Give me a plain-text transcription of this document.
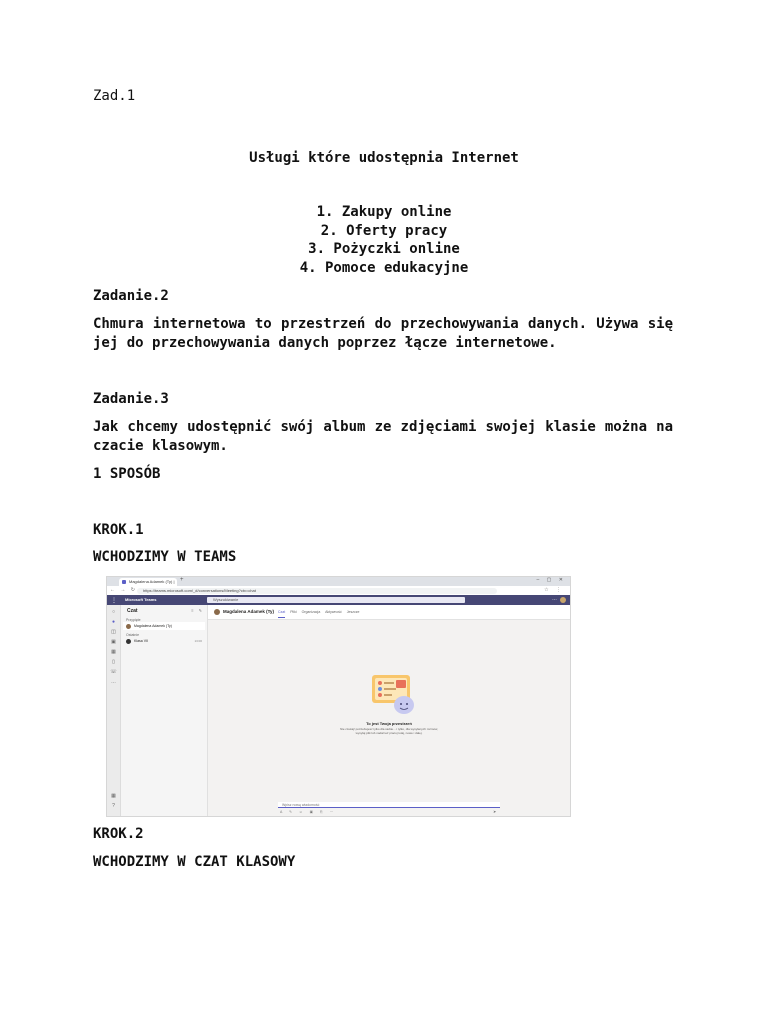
Zad.1
Usługi które udostępnia Internet
1. Zakupy online
2. Oferty pracy
3. Pożyczki online
4. Pomoce edukacyjne
Zadanie.2
Chmura internetowa to przestrzeń do przechowywania danych. Używa się jej do przechowywania danych poprzez łącze internetowe.
Zadanie.3
Jak chcemy udostępnić swój album ze zdjęciami swojej klasie można na czacie klasowym.
1 SPOSÓB
KROK.1
WCHODZIMY W TEAMS
Magdalena Adamek (Ty) | +	– ▢ ✕
← → ↻	https://teams.microsoft.com/_#/conversations/Meeting?ctx=chat	☆ ⋮
⋮ Microsoft Teams	Wyszukiwanie	…
○
●
◫
▣
▦
▯
☏
…
▦
?
Czat	≡ ✎
Przypięte
Magdalena Adamek (Ty)
Ostatnie
Klasa VII	13:00
Magdalena Adamek (Ty) Czat Pliki Organizacja Aktywność Jeszcze
To jest Twoja przestrzeń
Nie czekaj! potrzebujesz tylko dla siebie... i tylko, dla wysyłanych rozmów, wysyłaj plik lub nadal też pracuj tutaj, nowe i dalej.
Wpisz nową wiadomość
A ✎ ☺ ▣ ⎘ ⋯	➤
KROK.2
WCHODZIMY W CZAT KLASOWY
